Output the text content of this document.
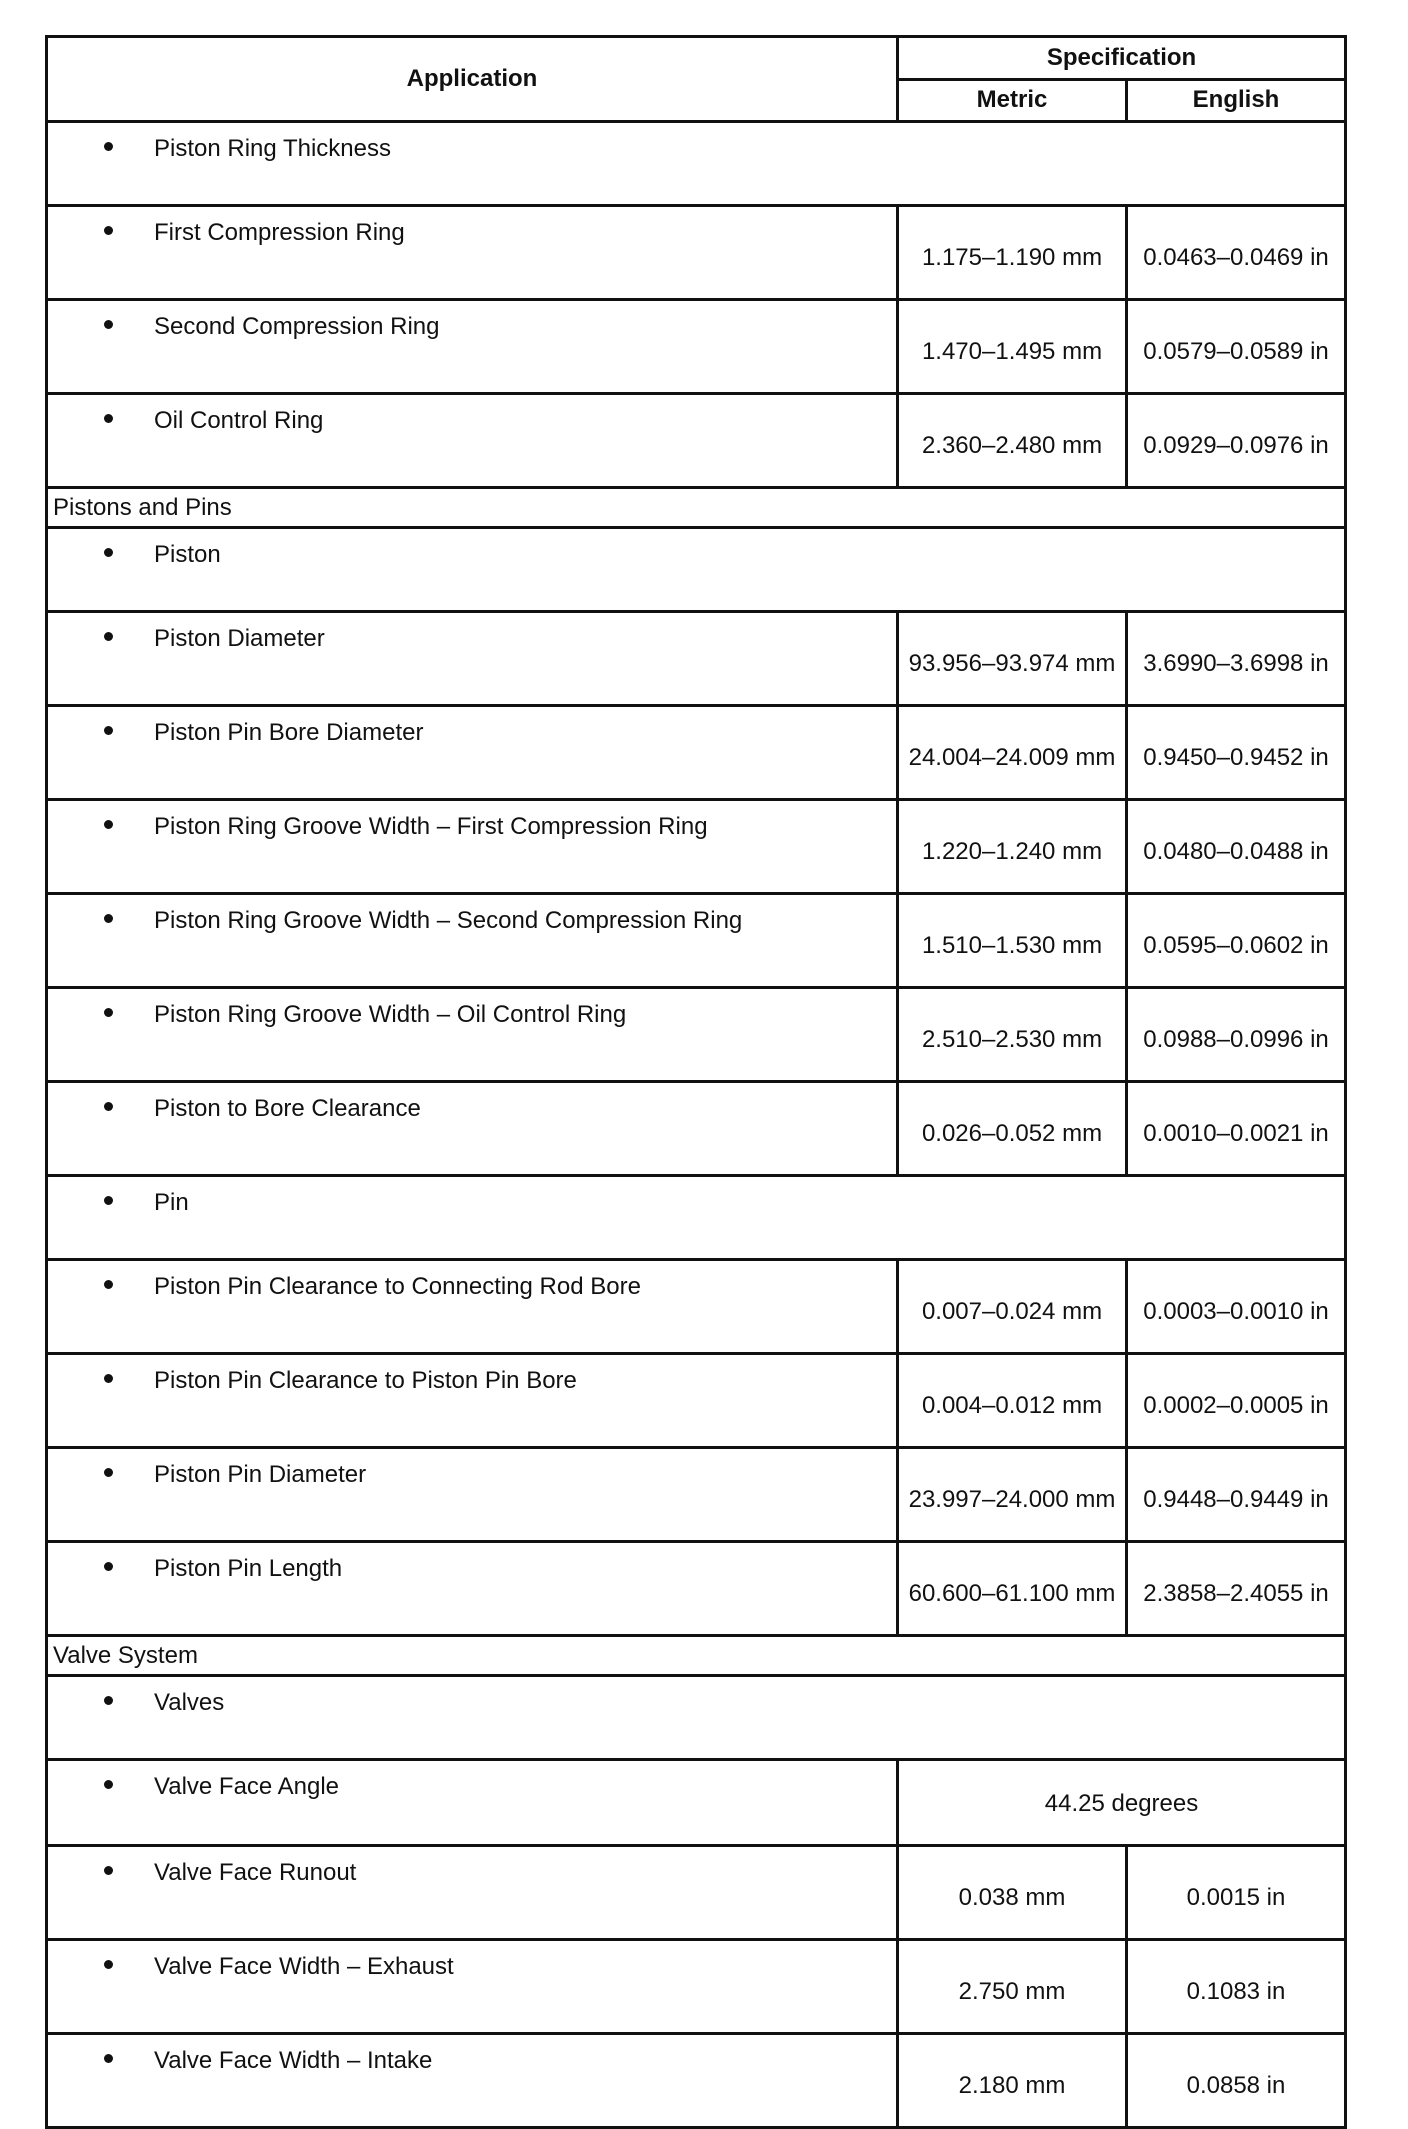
Application	Specification	
	Metric	English

Piston Ring Thickness		

First Compression Ring	1.175–1.190 mm	0.0463–0.0469 in

Second Compression Ring	1.470–1.495 mm	0.0579–0.0589 in

Oil Control Ring	2.360–2.480 mm	0.0929–0.0976 in
Pistons and Pins		

Piston		

Piston Diameter	93.956–93.974 mm	3.6990–3.6998 in

Piston Pin Bore Diameter	24.004–24.009 mm	0.9450–0.9452 in

Piston Ring Groove Width – First Compression Ring	1.220–1.240 mm	0.0480–0.0488 in

Piston Ring Groove Width – Second Compression Ring	1.510–1.530 mm	0.0595–0.0602 in

Piston Ring Groove Width – Oil Control Ring	2.510–2.530 mm	0.0988–0.0996 in

Piston to Bore Clearance	0.026–0.052 mm	0.0010–0.0021 in

Pin		

Piston Pin Clearance to Connecting Rod Bore	0.007–0.024 mm	0.0003–0.0010 in

Piston Pin Clearance to Piston Pin Bore	0.004–0.012 mm	0.0002–0.0005 in

Piston Pin Diameter	23.997–24.000 mm	0.9448–0.9449 in

Piston Pin Length	60.600–61.100 mm	2.3858–2.4055 in
Valve System		

Valves		

Valve Face Angle	44.25 degrees	

Valve Face Runout	0.038 mm	0.0015 in

Valve Face Width – Exhaust	2.750 mm	0.1083 in

Valve Face Width – Intake	2.180 mm	0.0858 in
